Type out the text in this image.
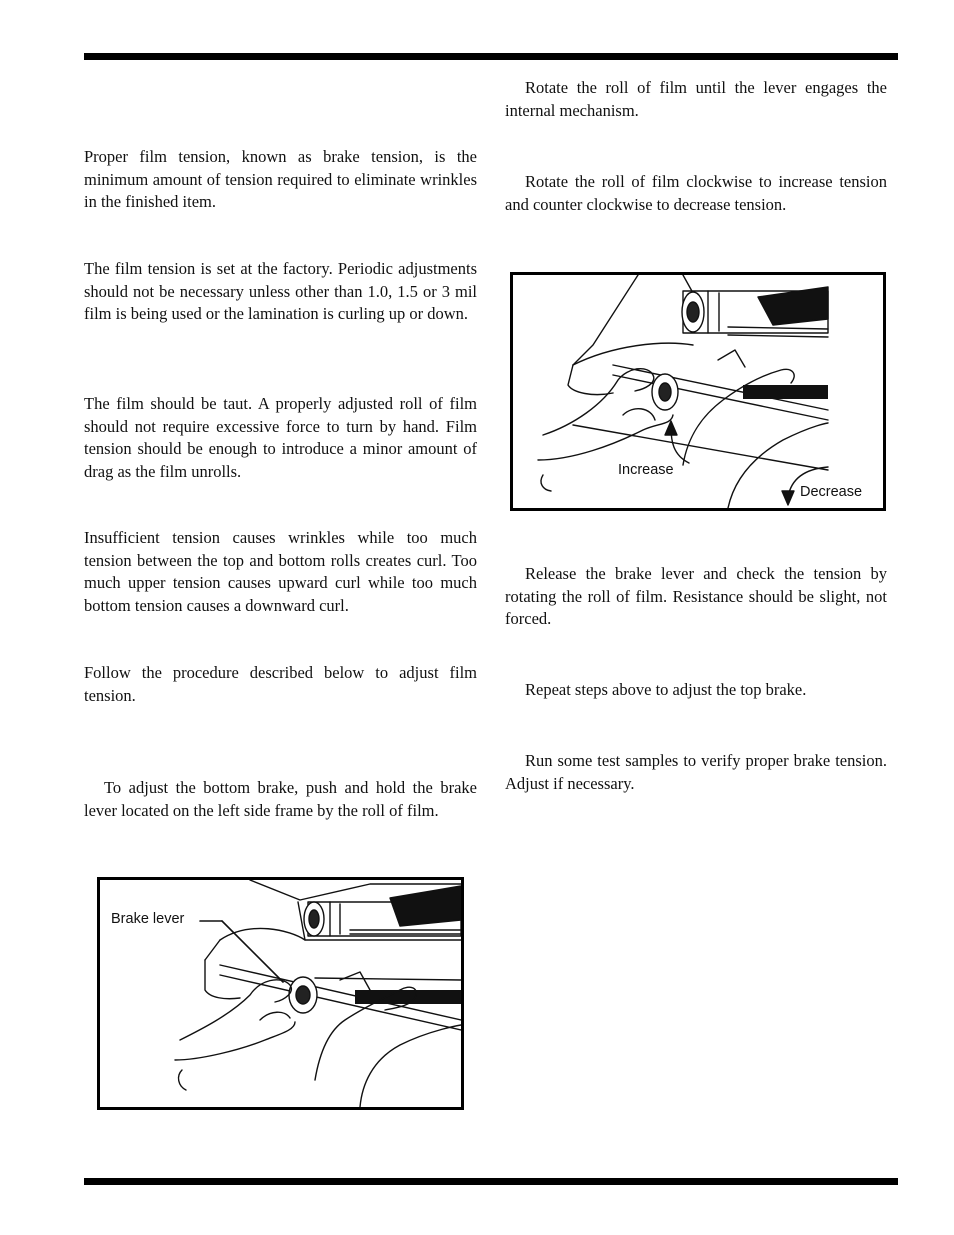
Proper film tension, known as brake tension, is the minimum amount of tension required to eliminate wrinkles in the finished item.

The film tension is set at the factory. Periodic adjustments should not be necessary unless other than 1.0, 1.5 or 3 mil film is being used or the lamination is curling up or down.

The film should be taut. A properly adjusted roll of film should not require excessive force to turn by hand. Film tension should be enough to introduce a minor amount of drag as the film unrolls.

Insufficient tension causes wrinkles while too much tension between the top and bottom rolls creates curl. Too much upper tension causes upward curl while too much bottom tension causes a downward curl.

Follow the procedure described below to adjust film tension.

To adjust the bottom brake, push and hold the brake lever located on the left side frame by the roll of film.

Brake lever

Rotate the roll of film until the lever engages the internal mechanism.

Rotate the roll of film clockwise to increase tension and counter clockwise to decrease tension.

Increase
Decrease

Release the brake lever and check the tension by rotating the roll of film. Resistance should be slight, not forced.

Repeat steps above to adjust the top brake.

Run some test samples to verify proper brake tension. Adjust if necessary.
